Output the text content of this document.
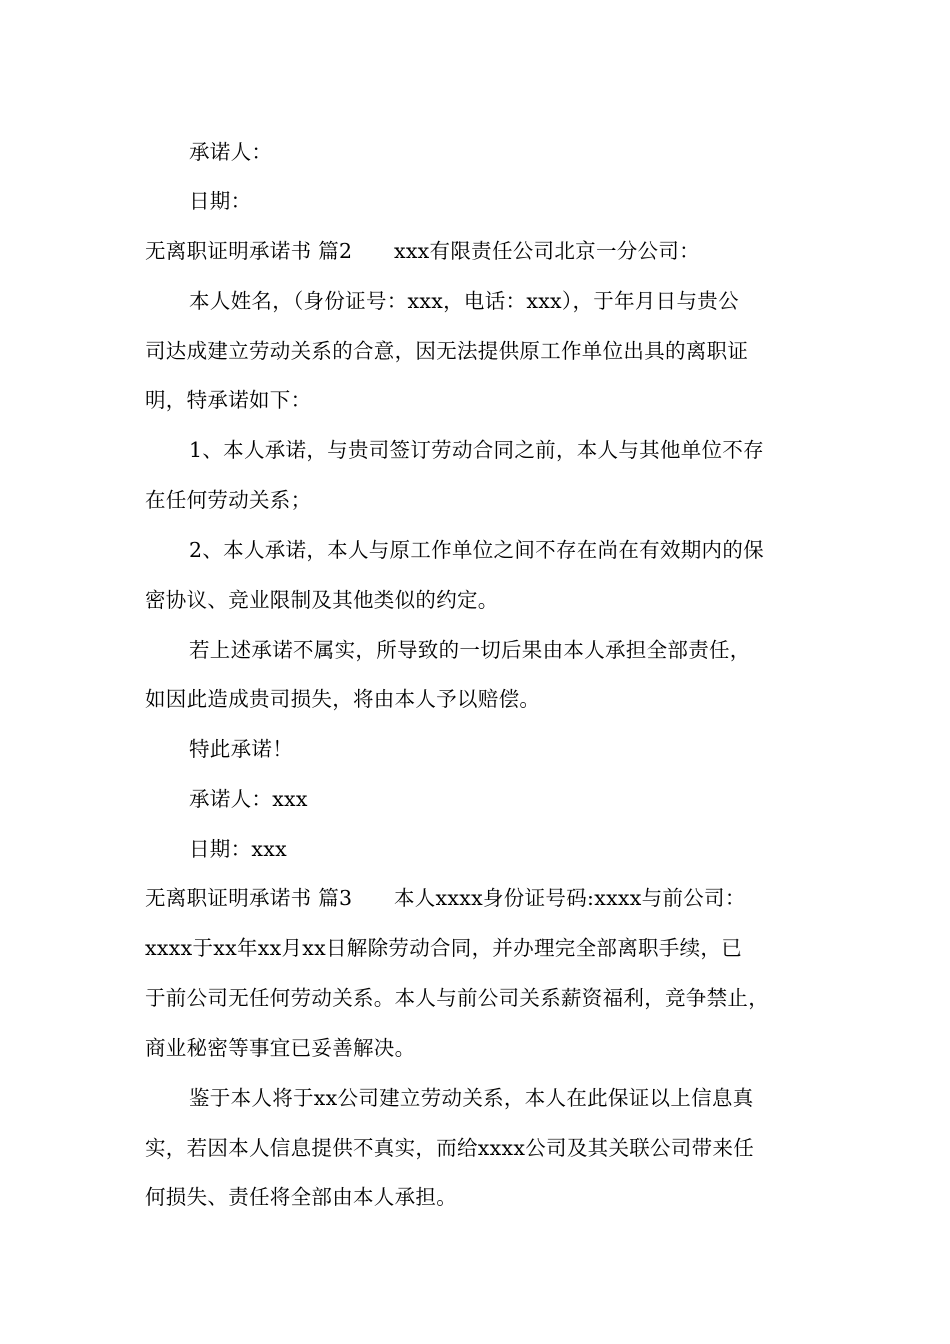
承诺人：
日期：
无离职证明承诺书 篇2　　xxx有限责任公司北京一分公司：
本人姓名，（身份证号：xxx，电话：xxx），于年月日与贵公
司达成建立劳动关系的合意，因无法提供原工作单位出具的离职证
明，特承诺如下：
1、本人承诺，与贵司签订劳动合同之前，本人与其他单位不存
在任何劳动关系；
2、本人承诺，本人与原工作单位之间不存在尚在有效期内的保
密协议、竞业限制及其他类似的约定。
若上述承诺不属实，所导致的一切后果由本人承担全部责任，
如因此造成贵司损失，将由本人予以赔偿。
特此承诺！
承诺人：xxx
日期：xxx
无离职证明承诺书 篇3　　本人xxxx身份证号码:xxxx与前公司：
xxxx于xx年xx月xx日解除劳动合同，并办理完全部离职手续，已
于前公司无任何劳动关系。本人与前公司关系薪资福利，竞争禁止，
商业秘密等事宜已妥善解决。
鉴于本人将于xx公司建立劳动关系，本人在此保证以上信息真
实，若因本人信息提供不真实，而给xxxx公司及其关联公司带来任
何损失、责任将全部由本人承担。
